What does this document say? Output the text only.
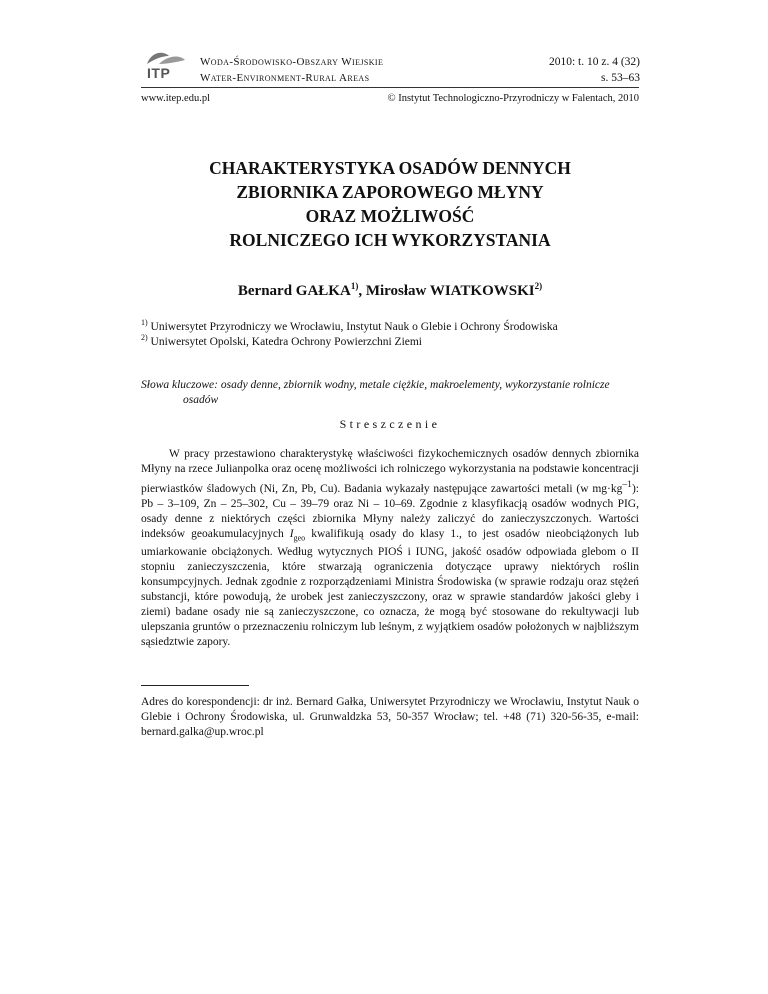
ITP
Woda-Środowisko-Obszary Wiejskie
Water-Environment-Rural Areas
2010: t. 10 z. 4 (32)
s. 53–63
www.itep.edu.pl	© Instytut Technologiczno-Przyrodniczy w Falentach, 2010
CHARAKTERYSTYKA OSADÓW DENNYCH
ZBIORNIKA ZAPOROWEGO MŁYNY
ORAZ MOŻLIWOŚĆ
ROLNICZEGO ICH WYKORZYSTANIA
Bernard GAŁKA$^{1)}$, Mirosław WIATKOWSKI$^{2)}$
$^{1)}$ Uniwersytet Przyrodniczy we Wrocławiu, Instytut Nauk o Glebie i Ochrony Środowiska
$^{2)}$ Uniwersytet Opolski, Katedra Ochrony Powierzchni Ziemi
Słowa kluczowe: osady denne, zbiornik wodny, metale ciężkie, makroelementy, wykorzystanie rolnicze
osadów
Streszczenie

W pracy przestawiono charakterystykę właściwości fizykochemicznych osadów dennych zbiornika Młyny na rzece Julianpolka oraz ocenę możliwości ich rolniczego wykorzystania na podstawie koncentracji pierwiastków śladowych (Ni, Zn, Pb, Cu). Badania wykazały następujące zawartości metali (w $mg\cdot kg^{-1}$): Pb – 3–109, Zn – 25–302, Cu – 39–79 oraz Ni – 10–69. Zgodnie z klasyfikacją osadów wodnych PIG, osady denne z niektórych części zbiornika Młyny należy zaliczyć do zanieczyszczonych. Wartości indeksów geoakumulacyjnych $I_{geo}$ kwalifikują osady do klasy 1., to jest osadów nieobciążonych lub umiarkowanie obciążonych. Według wytycznych PIOŚ i IUNG, jakość osadów odpowiada glebom o II stopniu zanieczyszczenia, które stwarzają ograniczenia dotyczące uprawy niektórych roślin konsumpcyjnych. Jednak zgodnie z rozporządzeniami Ministra Środowiska (w sprawie rodzaju oraz stężeń substancji, które powodują, że urobek jest zanieczyszczony, oraz w sprawie standardów jakości gleby i ziemi) badane osady nie są zanieczyszczone, co oznacza, że mogą być stosowane do rekultywacji lub ulepszania gruntów o przeznaczeniu rolniczym lub leśnym, z wyjątkiem osadów położonych w najbliższym sąsiedztwie zapory.

Adres do korespondencji: dr inż. Bernard Gałka, Uniwersytet Przyrodniczy we Wrocławiu, Instytut Nauk o Glebie i Ochrony Środowiska, ul. Grunwaldzka 53, 50-357 Wrocław; tel. +48 (71) 320-56-35, e-mail: bernard.galka@up.wroc.pl
